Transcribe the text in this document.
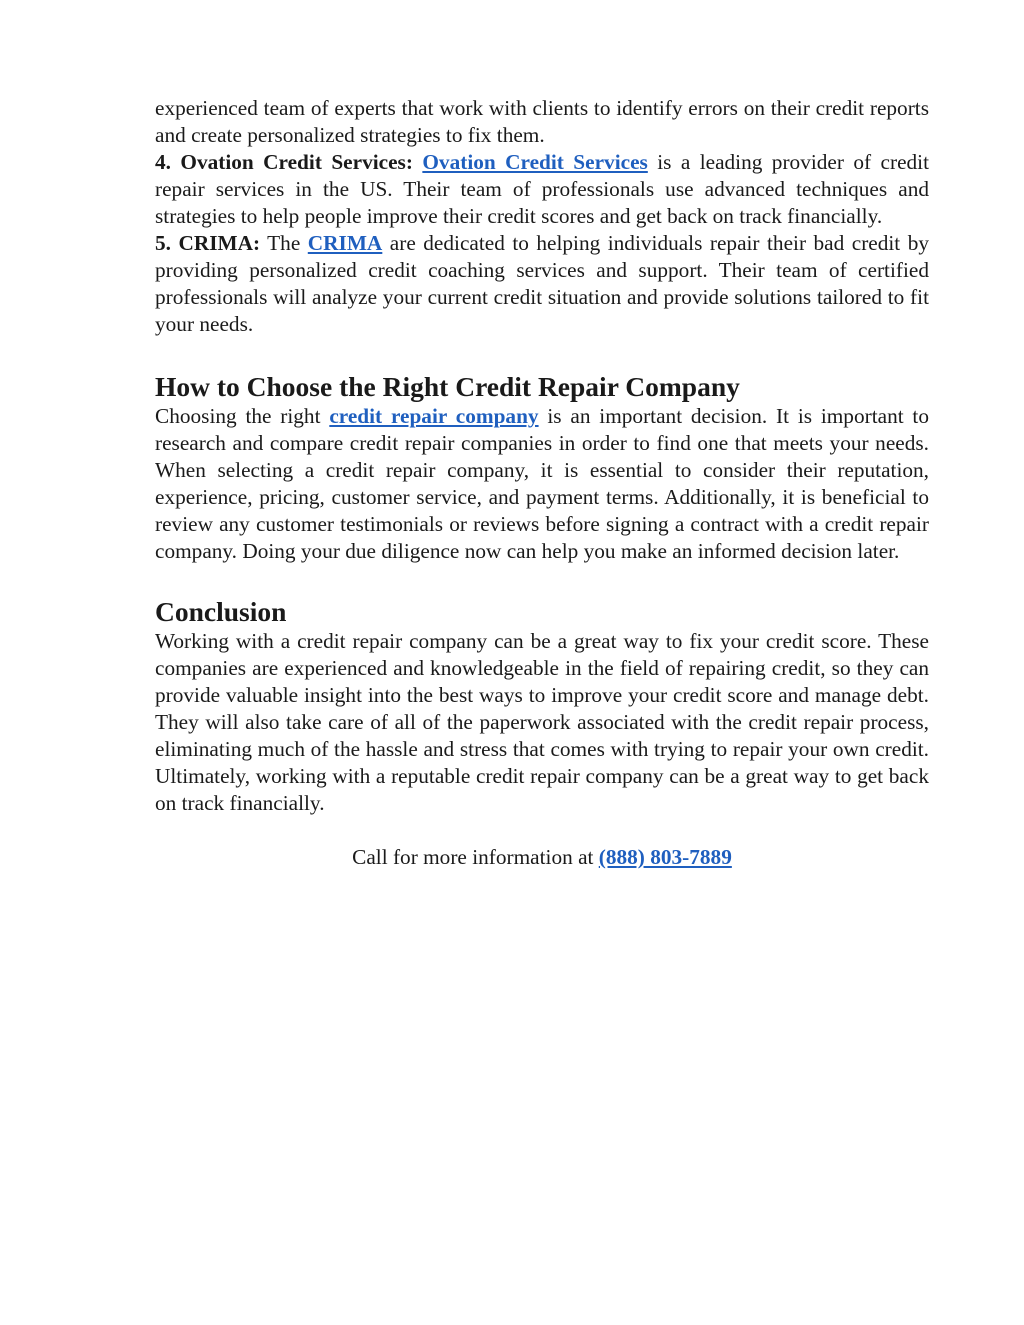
experienced team of experts that work with clients to identify errors on their credit reports and create personalized strategies to fix them.

4. Ovation Credit Services: Ovation Credit Services is a leading provider of credit repair services in the US. Their team of professionals use advanced techniques and strategies to help people improve their credit scores and get back on track financially.

5. CRIMA: The CRIMA are dedicated to helping individuals repair their bad credit by providing personalized credit coaching services and support. Their team of certified professionals will analyze your current credit situation and provide solutions tailored to fit your needs.

How to Choose the Right Credit Repair Company

Choosing the right credit repair company is an important decision. It is important to research and compare credit repair companies in order to find one that meets your needs. When selecting a credit repair company, it is essential to consider their reputation, experience, pricing, customer service, and payment terms. Additionally, it is beneficial to review any customer testimonials or reviews before signing a contract with a credit repair company. Doing your due diligence now can help you make an informed decision later.

Conclusion

Working with a credit repair company can be a great way to fix your credit score. These companies are experienced and knowledgeable in the field of repairing credit, so they can provide valuable insight into the best ways to improve your credit score and manage debt. They will also take care of all of the paperwork associated with the credit repair process, eliminating much of the hassle and stress that comes with trying to repair your own credit. Ultimately, working with a reputable credit repair company can be a great way to get back on track financially.

Call for more information at (888) 803-7889
